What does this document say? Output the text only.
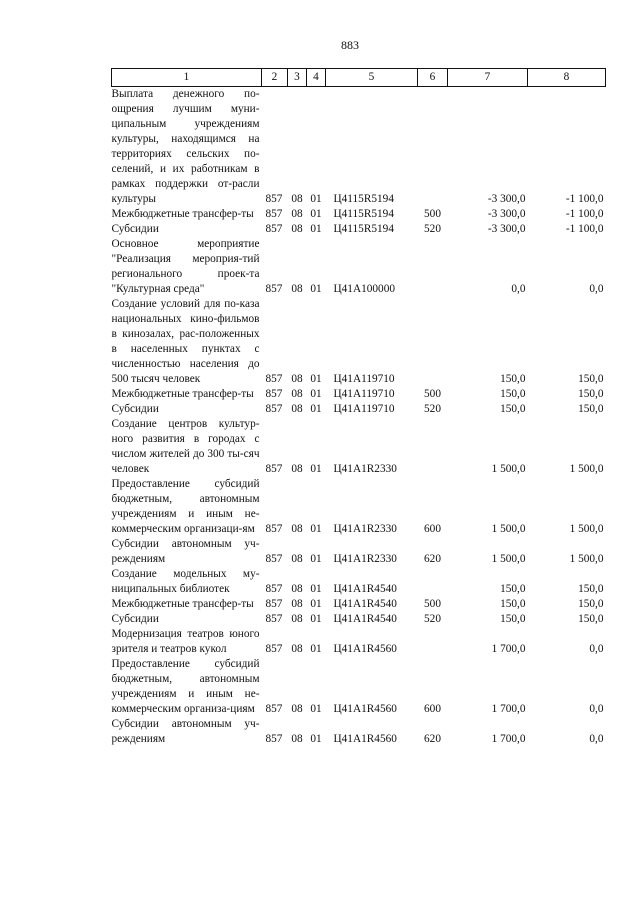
883
1	2	3	4	5	6	7	8
Выплата денежного по-ощрения лучшим муни-ципальным учреждениям культуры, находящимся на территориях сельских по-селений, и их работникам в рамках поддержки от-расли культуры	857	08	01	Ц4115R5194		-3 300,0	-1 100,0
Межбюджетные трансфер-ты	857	08	01	Ц4115R5194	500	-3 300,0	-1 100,0
Субсидии	857	08	01	Ц4115R5194	520	-3 300,0	-1 100,0
Основное мероприятие "Реализация мероприя-тий регионального проек-та "Культурная среда"	857	08	01	Ц41A100000		0,0	0,0
Создание условий для по-каза национальных кино-фильмов в кинозалах, рас-положенных в населенных пунктах с численностью населения до 500 тысяч человек	857	08	01	Ц41A119710		150,0	150,0
Межбюджетные трансфер-ты	857	08	01	Ц41A119710	500	150,0	150,0
Субсидии	857	08	01	Ц41A119710	520	150,0	150,0
Создание центров культур-ного развития в городах с числом жителей до 300 ты-сяч человек	857	08	01	Ц41A1R2330		1 500,0	1 500,0
Предоставление субсидий бюджетным, автономным учреждениям и иным не-коммерческим организаци-ям	857	08	01	Ц41A1R2330	600	1 500,0	1 500,0
Субсидии автономным уч-реждениям	857	08	01	Ц41A1R2330	620	1 500,0	1 500,0
Создание модельных му-ниципальных библиотек	857	08	01	Ц41A1R4540		150,0	150,0
Межбюджетные трансфер-ты	857	08	01	Ц41A1R4540	500	150,0	150,0
Субсидии	857	08	01	Ц41A1R4540	520	150,0	150,0
Модернизация театров юного зрителя и театров кукол	857	08	01	Ц41A1R4560		1 700,0	0,0
Предоставление субсидий бюджетным, автономным учреждениям и иным не-коммерческим организа-циям	857	08	01	Ц41A1R4560	600	1 700,0	0,0
Субсидии автономным уч-реждениям	857	08	01	Ц41A1R4560	620	1 700,0	0,0
